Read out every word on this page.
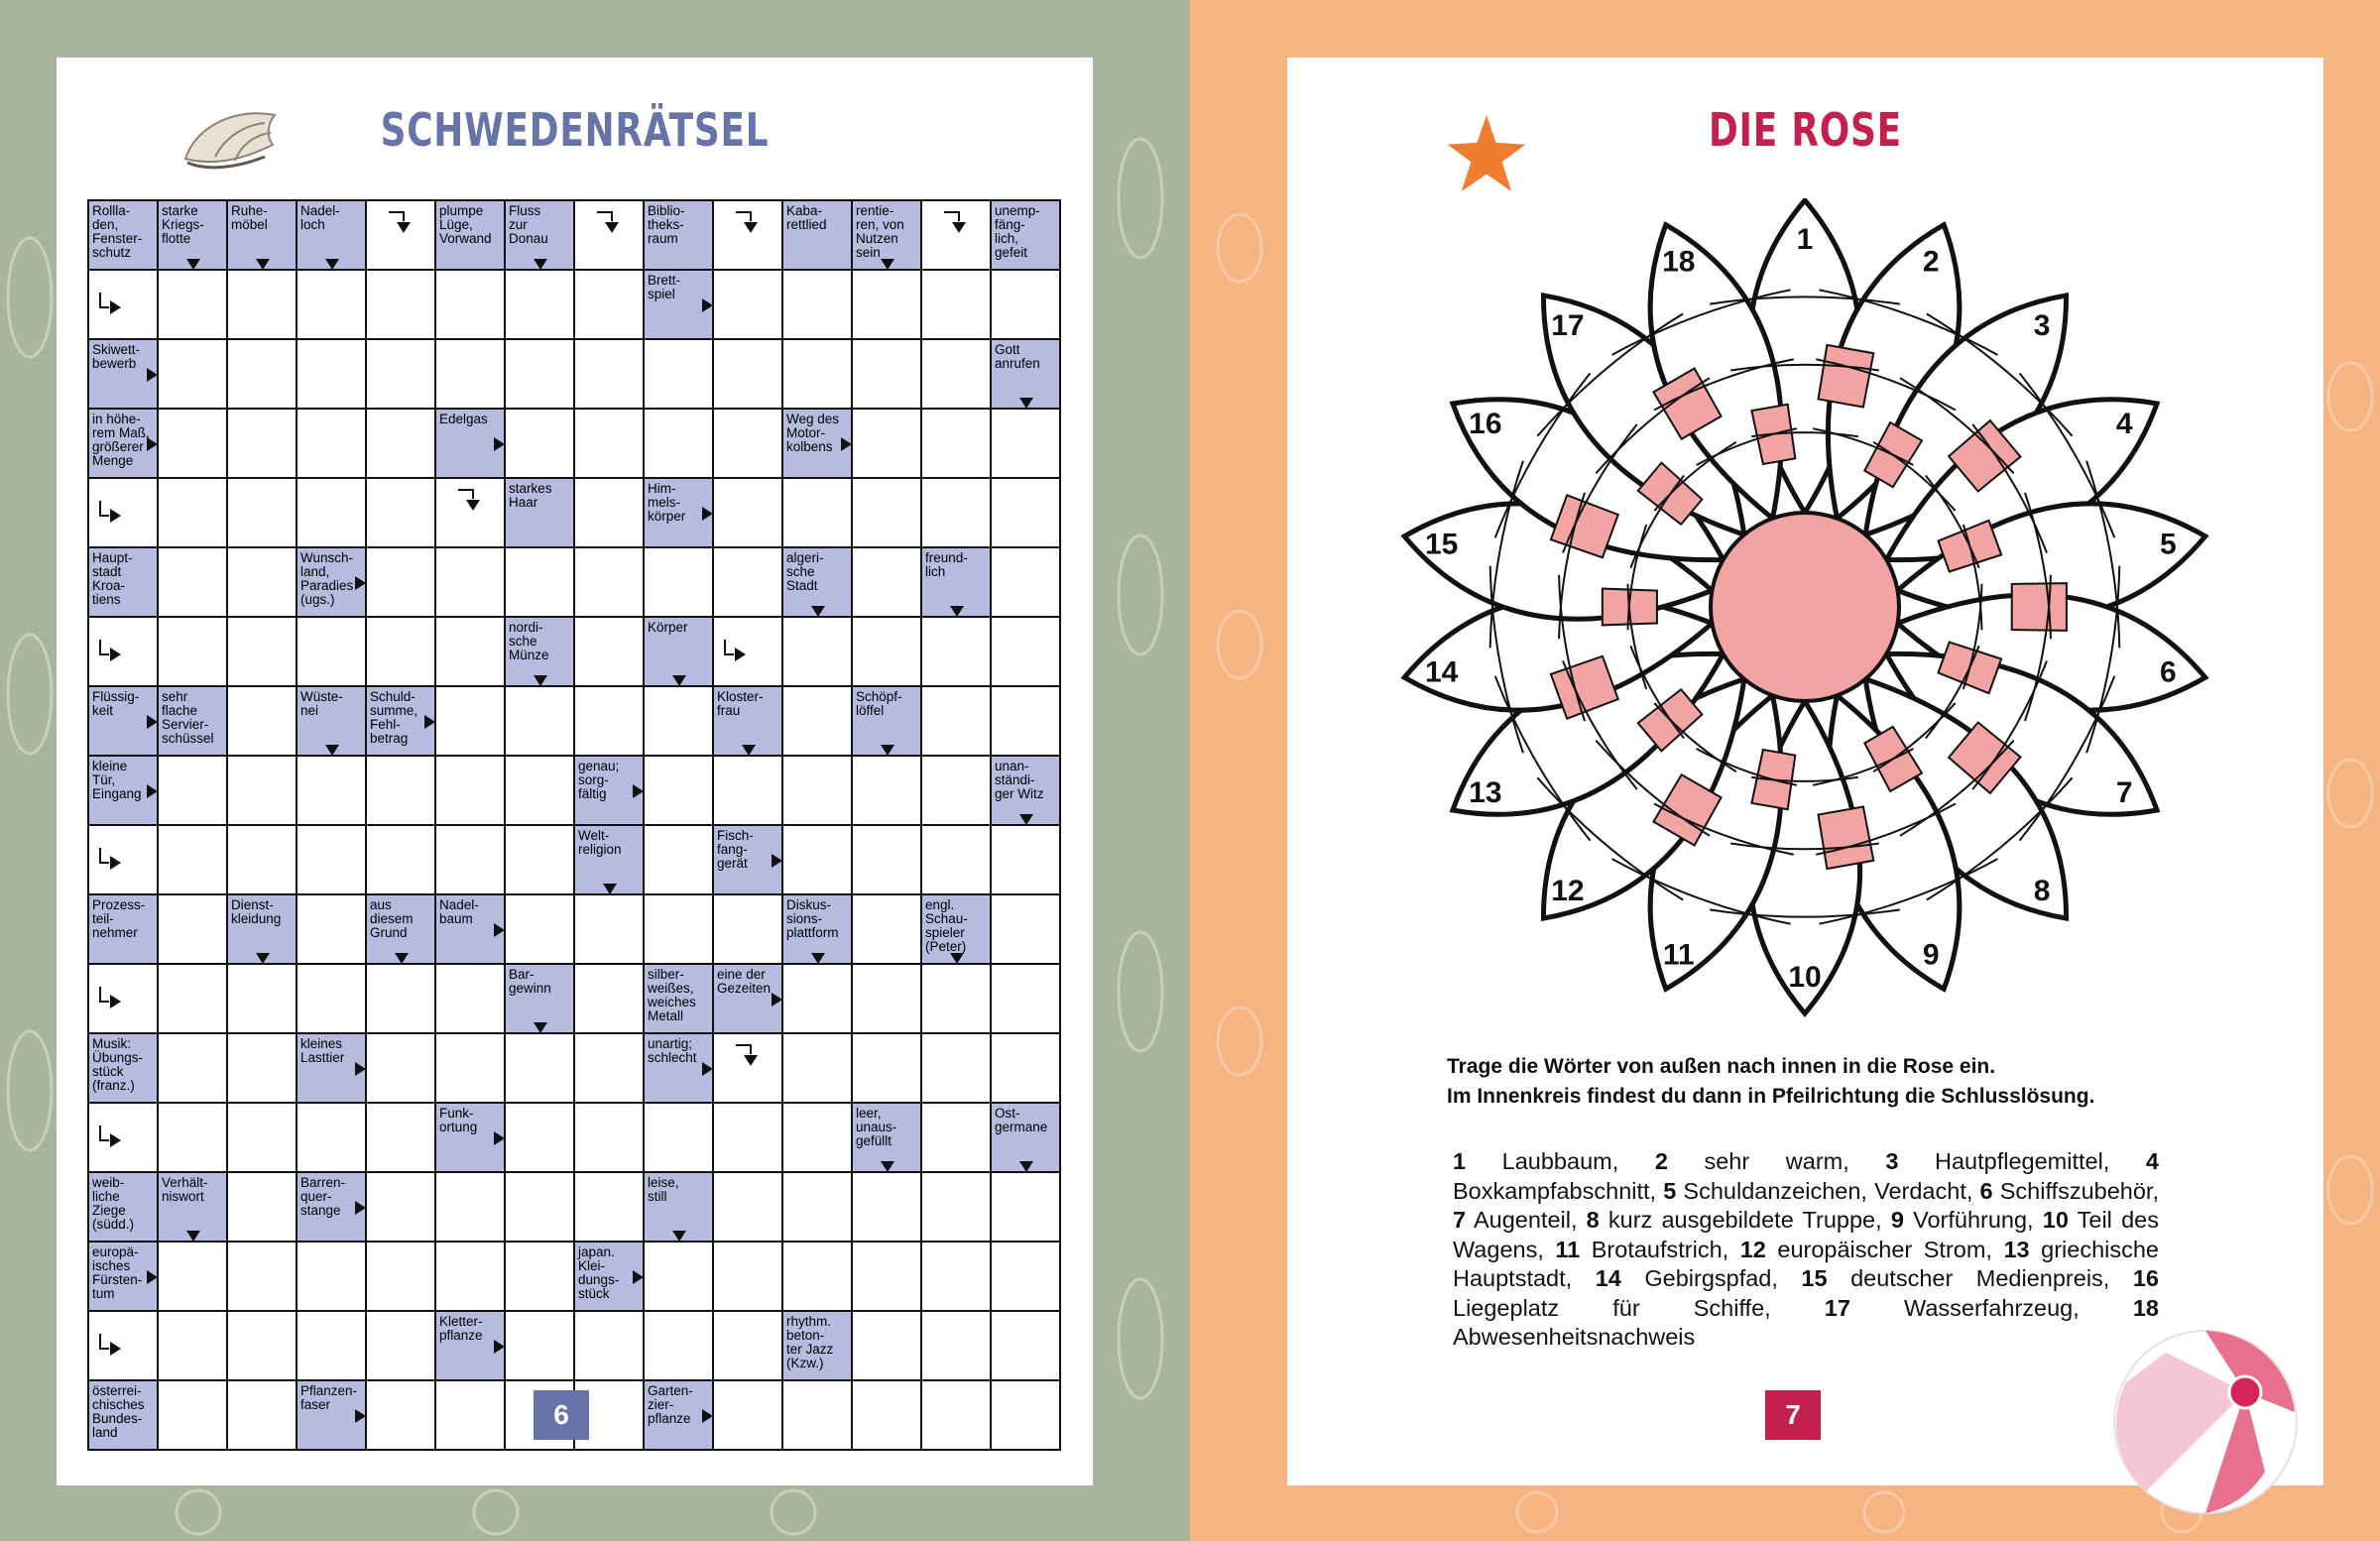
SCHWEDENRÄTSEL
Rollla-
den,
Fenster-
schutz
starke
Kriegs-
flotte
Ruhe-
möbel
Nadel-
loch
plumpe
Lüge,
Vorwand
Fluss
zur
Donau
Biblio-
theks-
raum
Kaba-
rettlied
rentie-
ren, von
Nutzen
sein
unemp-
fäng-
lich,
gefeit
Brett-
spiel
Skiwett-
bewerb
Gott
anrufen
in höhe-
rem Maß,
größerer
Menge
Edelgas	Weg des
Motor-
kolbens
starkes
Haar
Him-
mels-
körper
Haupt-
stadt
Kroa-
tiens
Wunsch-
land,
Paradies
(ugs.)
algeri-
sche
Stadt
freund-
lich
nordi-
sche
Münze
Körper
Flüssig-
keit
sehr
flache
Servier-
schüssel
Wüste-
nei
Schuld-
summe,
Fehl-
betrag
Kloster-
frau
Schöpf-
löffel
kleine
Tür,
Eingang
genau;
sorg-
fältig
unan-
ständi-
ger Witz
Welt-
religion
Fisch-
fang-
gerät
Prozess-
teil-
nehmer
Dienst-
kleidung
aus
diesem
Grund
Nadel-
baum
Diskus-
sions-
plattform
engl.
Schau-
spieler
(Peter)
Bar-
gewinn
silber-
weißes,
weiches
Metall
eine der
Gezeiten
Musik:
Übungs-
stück
(franz.)
kleines
Lasttier
unartig;
schlecht
Funk-
ortung
leer,
unaus-
gefüllt
Ost-
germane
weib-
liche
Ziege
(südd.)
Verhält-
niswort
Barren-
quer-
stange
leise,
still
europä-
isches
Fürsten-
tum
japan.
Klei-
dungs-
stück
Kletter-
pflanze
rhythm.
beton-
ter Jazz
(Kzw.)
österrei-
chisches
Bundes-
land
Pflanzen-
faser
Garten-
zier-
pflanze
6
DIE ROSE
Trage die Wörter von außen nach innen in die Rose ein.
Im Innenkreis findest du dann in Pfeilrichtung die Schlusslösung.
1 Laubbaum, 2 sehr warm, 3 Hautpflegemittel, 4 Boxkampfabschnitt, 5 Schuldanzeichen, Verdacht, 6 Schiffszubehör, 7 Augenteil, 8 kurz ausgebildete Truppe, 9 Vorführung, 10 Teil des Wagens, 11 Brotaufstrich, 12 europäischer Strom, 13 griechische Hauptstadt, 14 Gebirgspfad, 15 deutscher Medienpreis, 16 Liegeplatz für Schiffe, 17 Wasserfahrzeug, 18 Abwesenheitsnachweis
7
1
2
3
4
5
6
7
8
9
10
11
12
13
14
15
16
17
18
